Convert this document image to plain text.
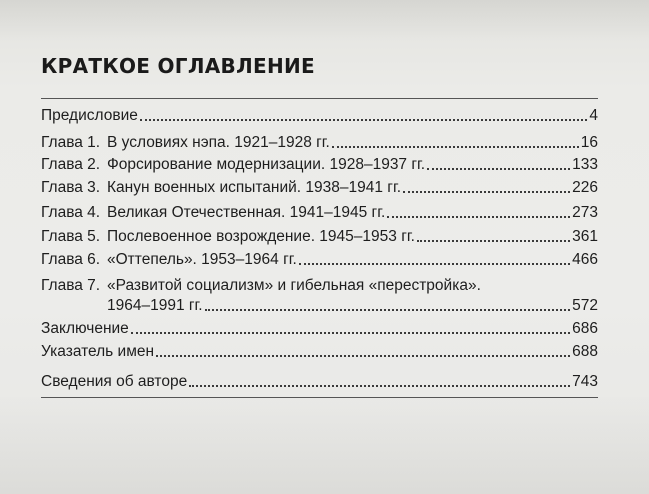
КРАТКОЕ ОГЛАВЛЕНИЕ
Предисловие	4
Глава 1. В условиях нэпа. 1921–1928 гг.	16
Глава 2. Форсирование модернизации. 1928–1937 гг.	133
Глава 3. Канун военных испытаний. 1938–1941 гг.	226
Глава 4. Великая Отечественная. 1941–1945 гг.	273
Глава 5. Послевоенное возрождение. 1945–1953 гг.	361
Глава 6. «Оттепель». 1953–1964 гг.	466
Глава 7. «Развитой социализм» и гибельная «перестройка».
1964–1991 гг.	572
Заключение	686
Указатель имен	688
Сведения об авторе	743
